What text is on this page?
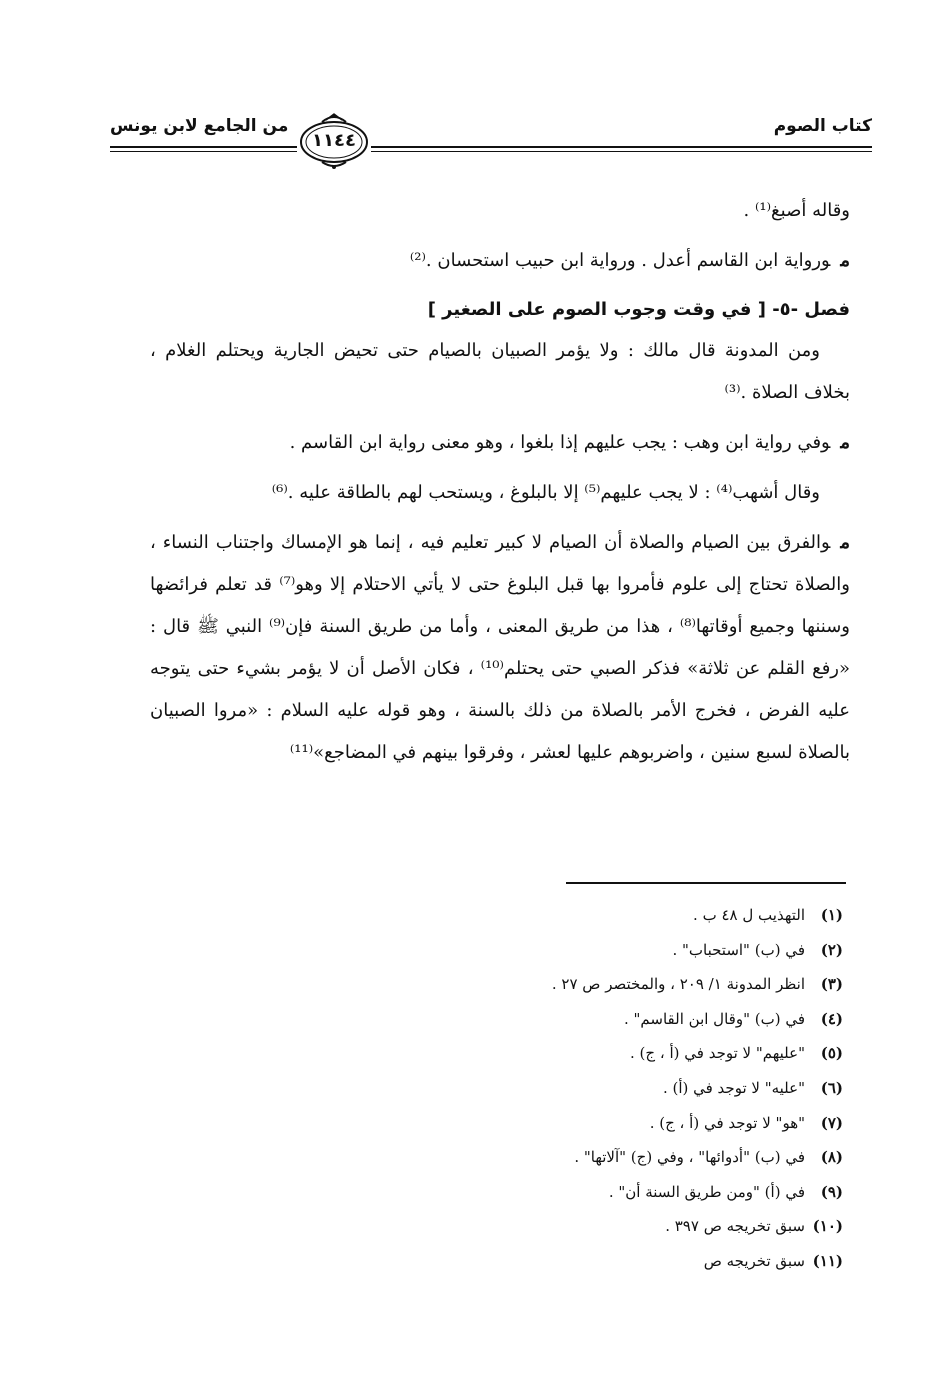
من الجامع لابن يونس
١١٤٤
كتاب الصوم

وقاله أصبغ⁽¹⁾ .

مورواية ابن القاسم أعدل . ورواية ابن حبيب استحسان .⁽²⁾

فصل -٥- [ في وقت وجوب الصوم على الصغير ]

ومن المدونة قال مالك : ولا يؤمر الصبيان بالصيام حتى تحيض الجارية ويحتلم الغلام ، بخلاف الصلاة .⁽³⁾

موفي رواية ابن وهب : يجب عليهم إذا بلغوا ، وهو معنى رواية ابن القاسم .

وقال أشهب⁽⁴⁾ : لا يجب عليهم⁽⁵⁾ إلا بالبلوغ ، ويستحب لهم بالطاقة عليه .⁽⁶⁾

موالفرق بين الصيام والصلاة أن الصيام لا كبير تعليم فيه ، إنما هو الإمساك واجتناب النساء ، والصلاة تحتاج إلى علوم فأمروا بها قبل البلوغ حتى لا يأتي الاحتلام إلا وهو⁽⁷⁾ قد تعلم فرائضها وسننها وجميع أوقاتها⁽⁸⁾ ، هذا من طريق المعنى ، وأما من طريق السنة فإن⁽⁹⁾ النبي ﷺ قال : «رفع القلم عن ثلاثة» فذكر الصبي حتى يحتلم⁽¹⁰⁾ ، فكان الأصل أن لا يؤمر بشيء حتى يتوجه عليه الفرض ، فخرج الأمر بالصلاة من ذلك بالسنة ، وهو قوله عليه السلام : «مروا الصبيان بالصلاة لسبع سنين ، واضربوهم عليها لعشر ، وفرقوا بينهم في المضاجع»⁽¹¹⁾

(١)التهذيب ل ٤٨ ب .

(٢)في (ب) "استحباب" .

(٣)انظر المدونة ١/ ٢٠٩ ، والمختصر ص ٢٧ .

(٤)في (ب) "وقال ابن القاسم" .

(٥)"عليهم" لا توجد في (أ ، ج) .

(٦)"عليه" لا توجد في (أ) .

(٧)"هو" لا توجد في (أ ، ج) .

(٨)في (ب) "أدوائها" ، وفي (ج) "آلاتها" .

(٩)في (أ) "ومن طريق السنة أن" .

(١٠)سبق تخريجه ص ٣٩٧ .

(١١)سبق تخريجه ص
